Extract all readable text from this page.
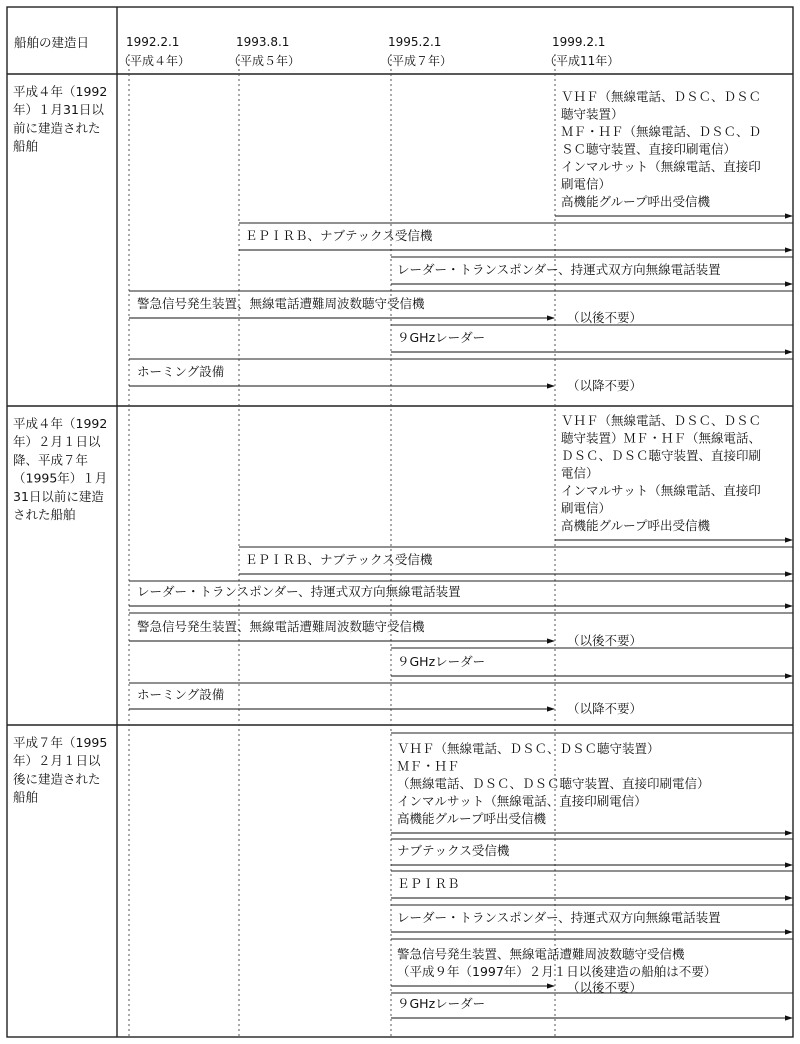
船舶の建造日	1992.2.1
（平成４年）
1993.8.1
（平成５年）
1995.2.1
（平成７年）
1999.2.1
（平成11年）
平成４年（1992
年）１月31日以
前に建造された
船舶
ＶＨＦ（無線電話、ＤＳＣ、ＤＳＣ
聴守装置）
ＭＦ・ＨＦ（無線電話、ＤＳＣ、Ｄ
ＳＣ聴守装置、直接印刷電信）
インマルサット（無線電話、直接印
刷電信）
高機能グループ呼出受信機
ＥＰＩＲＢ、ナブテックス受信機
レーダー・トランスポンダー、持運式双方向無線電話装置
警急信号発生装置、無線電話遭難周波数聴守受信機
（以後不要）
９GHzレーダー
ホーミング設備
（以降不要）
平成４年（1992
年）２月１日以
降、平成７年
（1995年）１月
31日以前に建造
された船舶
ＶＨＦ（無線電話、ＤＳＣ、ＤＳＣ
聴守装置）ＭＦ・ＨＦ（無線電話、
ＤＳＣ、ＤＳＣ聴守装置、直接印刷
電信）
インマルサット（無線電話、直接印
刷電信）
高機能グループ呼出受信機
ＥＰＩＲＢ、ナブテックス受信機
レーダー・トランスポンダー、持運式双方向無線電話装置
警急信号発生装置、無線電話遭難周波数聴守受信機
（以後不要）
９GHzレーダー
ホーミング設備
（以降不要）
平成７年（1995
年）２月１日以
後に建造された
船舶
ＶＨＦ（無線電話、ＤＳＣ、ＤＳＣ聴守装置）
ＭＦ・ＨＦ
（無線電話、ＤＳＣ、ＤＳＣ聴守装置、直接印刷電信）
インマルサット（無線電話、直接印刷電信）
高機能グループ呼出受信機
ナブテックス受信機
ＥＰＩＲＢ
レーダー・トランスポンダー、持運式双方向無線電話装置
警急信号発生装置、無線電話遭難周波数聴守受信機
（平成９年（1997年）２月１日以後建造の船舶は不要）
（以後不要）
９GHzレーダー
